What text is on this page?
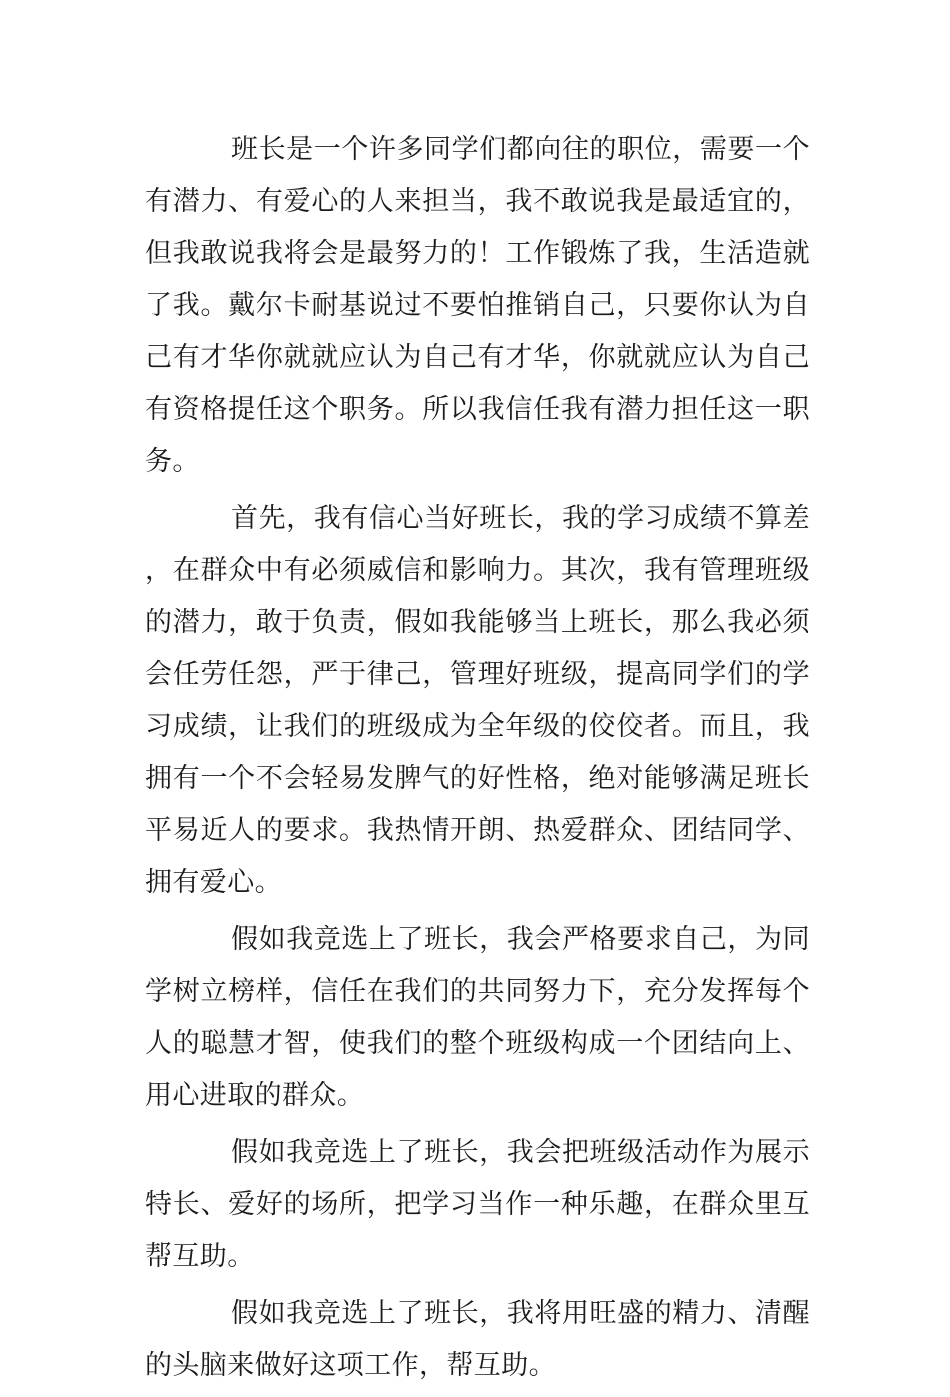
班长是一个许多同学们都向往的职位，需要一个有潜力、有爱心的人来担当，我不敢说我是最适宜的，但我敢说我将会是最努力的！工作锻炼了我，生活造就了我。戴尔卡耐基说过不要怕推销自己，只要你认为自己有才华你就就应认为自己有才华，你就就应认为自己有资格提任这个职务。所以我信任我有潜力担任这一职务。

首先，我有信心当好班长，我的学习成绩不算差，在群众中有必须威信和影响力。其次，我有管理班级的潜力，敢于负责，假如我能够当上班长，那么我必须会任劳任怨，严于律己，管理好班级，提高同学们的学习成绩，让我们的班级成为全年级的佼佼者。而且，我拥有一个不会轻易发脾气的好性格，绝对能够满足班长平易近人的要求。我热情开朗、热爱群众、团结同学、拥有爱心。

假如我竞选上了班长，我会严格要求自己，为同学树立榜样，信任在我们的共同努力下，充分发挥每个人的聪慧才智，使我们的整个班级构成一个团结向上、用心进取的群众。

假如我竞选上了班长，我会把班级活动作为展示特长、爱好的场所，把学习当作一种乐趣，在群众里互帮互助。

假如我竞选上了班长，我将用旺盛的精力、清醒的头脑来做好这项工作，帮互助。
